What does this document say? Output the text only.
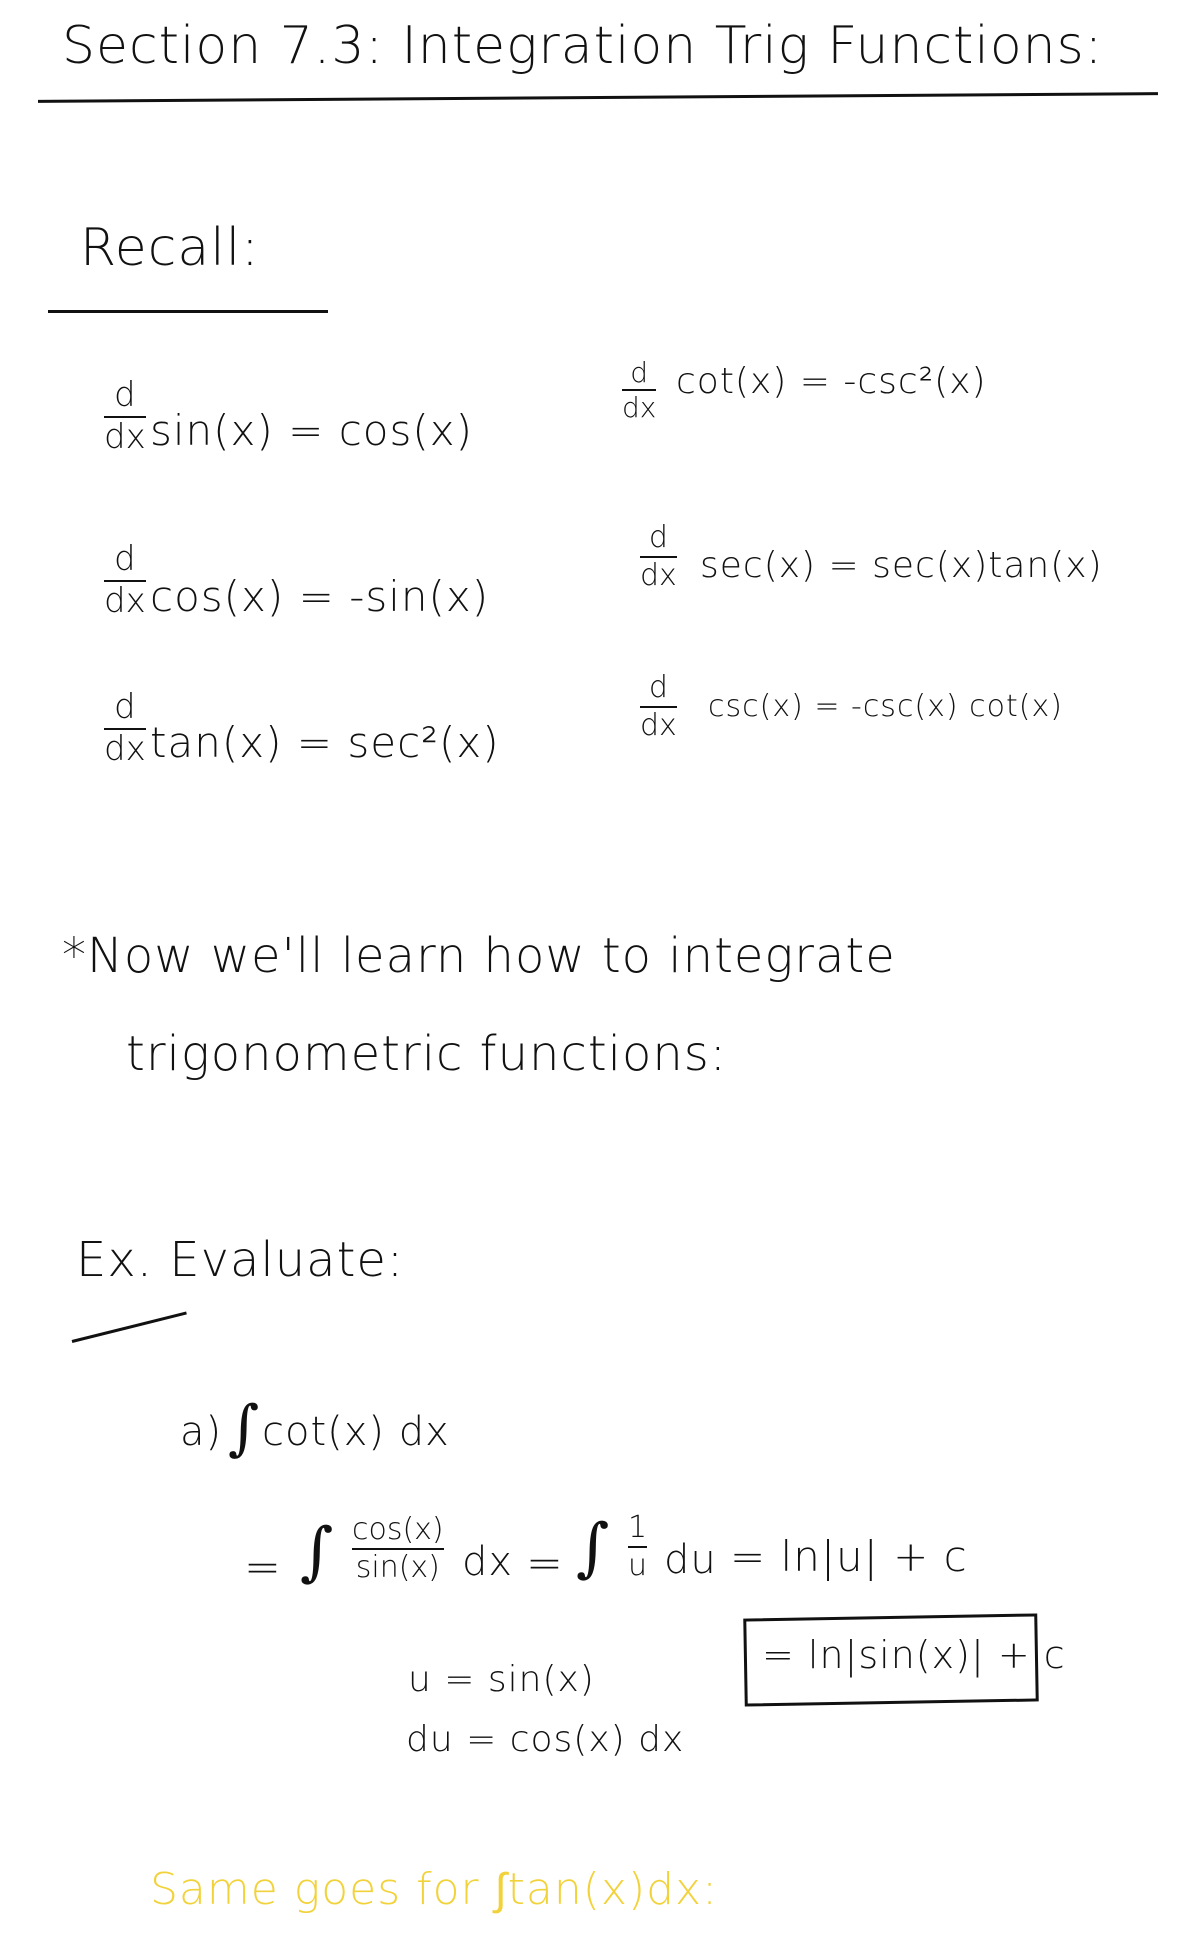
Section 7.3: Integration Trig Functions:
Recall:
d
dx sin(x) = cos(x)
d
dx cos(x) = -sin(x)
d
dx tan(x) = sec²(x)
d
dx
cot(x) = -csc²(x)
d
dx sec(x) = sec(x)tan(x)
d
dx
csc(x) = -csc(x) cot(x)
*Now we'll learn how to integrate
trigonometric functions:
Ex. Evaluate:
a) ∫ cot(x) dx
= ∫ cos(x)
sin(x) dx = ∫ 1
u du = ln|u| + c
= ln|sin(x)| + c
u = sin(x)
du = cos(x) dx
Same goes for ∫tan(x)dx:
